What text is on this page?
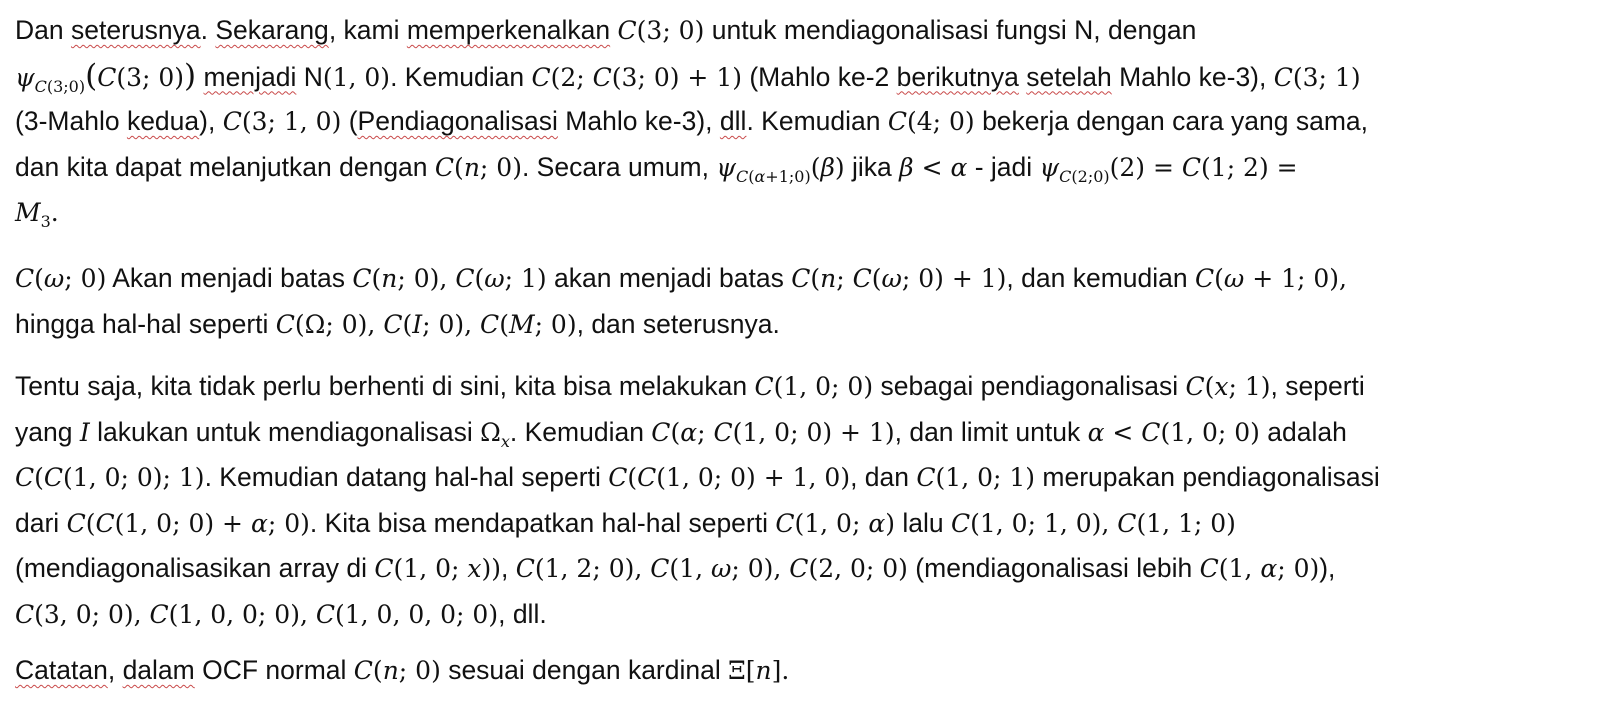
Dan seterusnya. Sekarang, kami memperkenalkan C(3; 0) untuk mendiagonalisasi fungsi N, dengan
$\psi_{C(3;0)}(C(3$; 0)) menjadi N(1, 0). Kemudian C(2; C(3; 0) + 1) (Mahlo ke-2 berikutnya setelah Mahlo ke-3), C(3; 1)
(3-Mahlo kedua), C(3; 1, 0) (Pendiagonalisasi Mahlo ke-3), dll. Kemudian C(4; 0) bekerja dengan cara yang sama,
dan kita dapat melanjutkan dengan C(n; 0). Secara umum, $\psi_{C(\alpha+1;0)}(\beta)$ jika β < α - jadi $\psi_{C(2;0)}(2) = C(1$; 2) =
$M_3$.
C(ω; 0) Akan menjadi batas C(n; 0), C(ω; 1) akan menjadi batas C(n; C(ω; 0) + 1), dan kemudian C(ω + 1; 0),
hingga hal-hal seperti C(Ω; 0), C(I; 0), C(M; 0), dan seterusnya.
Tentu saja, kita tidak perlu berhenti di sini, kita bisa melakukan C(1, 0; 0) sebagai pendiagonalisasi C(x; 1), seperti
yang I lakukan untuk mendiagonalisasi $\Omega_x$. Kemudian C(α; C(1, 0; 0) + 1), dan limit untuk α < C(1, 0; 0) adalah
C(C(1, 0; 0); 1). Kemudian datang hal-hal seperti C(C(1, 0; 0) + 1, 0), dan C(1, 0; 1) merupakan pendiagonalisasi
dari C(C(1, 0; 0) + α; 0). Kita bisa mendapatkan hal-hal seperti C(1, 0; α) lalu C(1, 0; 1, 0), C(1, 1; 0)
(mendiagonalisasikan array di C(1, 0; x)), C(1, 2; 0), C(1, ω; 0), C(2, 0; 0) (mendiagonalisasi lebih C(1, α; 0)),
C(3, 0; 0), C(1, 0, 0; 0), C(1, 0, 0, 0; 0), dll.
Catatan, dalam OCF normal C(n; 0) sesuai dengan kardinal Ξ[n].
